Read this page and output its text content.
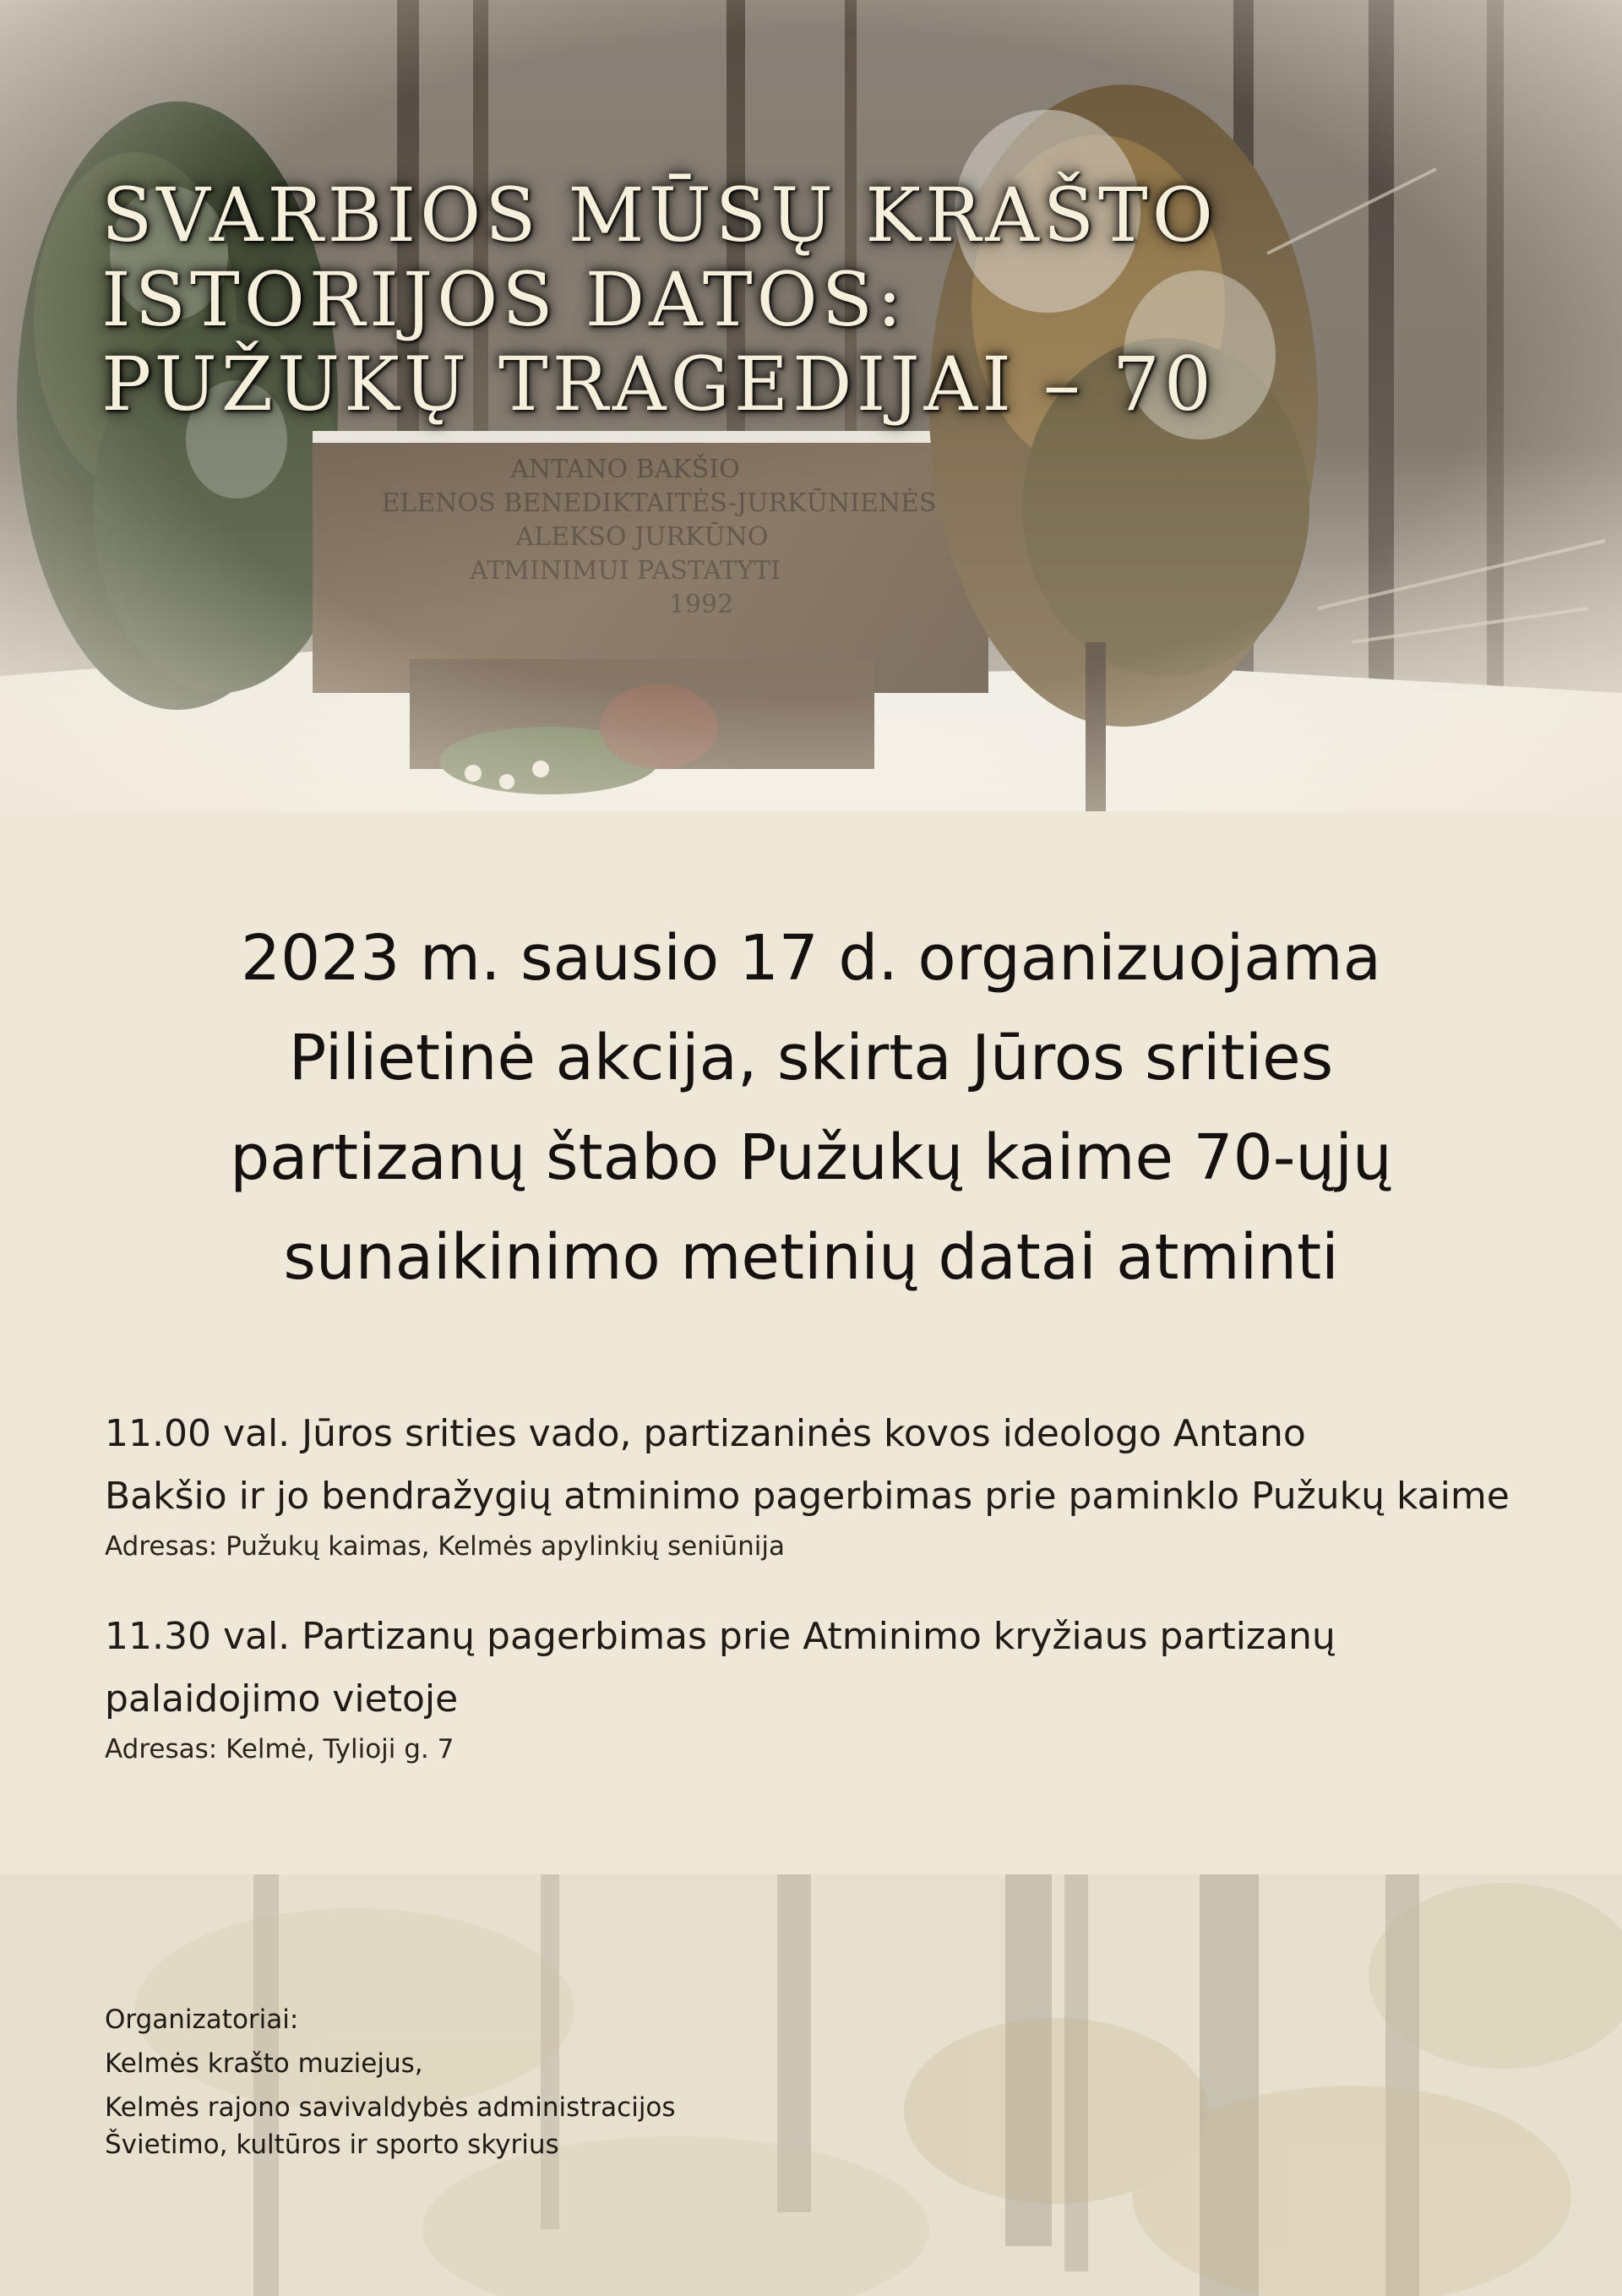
SVARBIOS MŪSŲ KRAŠTO
ISTORIJOS DATOS:
PUŽUKŲ TRAGEDIJAI – 70
2023 m. sausio 17 d. organizuojama
Pilietinė akcija, skirta Jūros srities
partizanų štabo Pužukų kaime 70-ųjų
sunaikinimo metinių datai atminti

11.00 val. Jūros srities vado, partizaninės kovos ideologo Antano
Bakšio ir jo bendražygių atminimo pagerbimas prie paminklo Pužukų kaime

Adresas: Pužukų kaimas, Kelmės apylinkių seniūnija

11.30 val. Partizanų pagerbimas prie Atminimo kryžiaus partizanų
palaidojimo vietoje

Adresas: Kelmė, Tylioji g. 7

Organizatoriai:
Kelmės krašto muziejus,
Kelmės rajono savivaldybės administracijos
Švietimo, kultūros ir sporto skyrius
